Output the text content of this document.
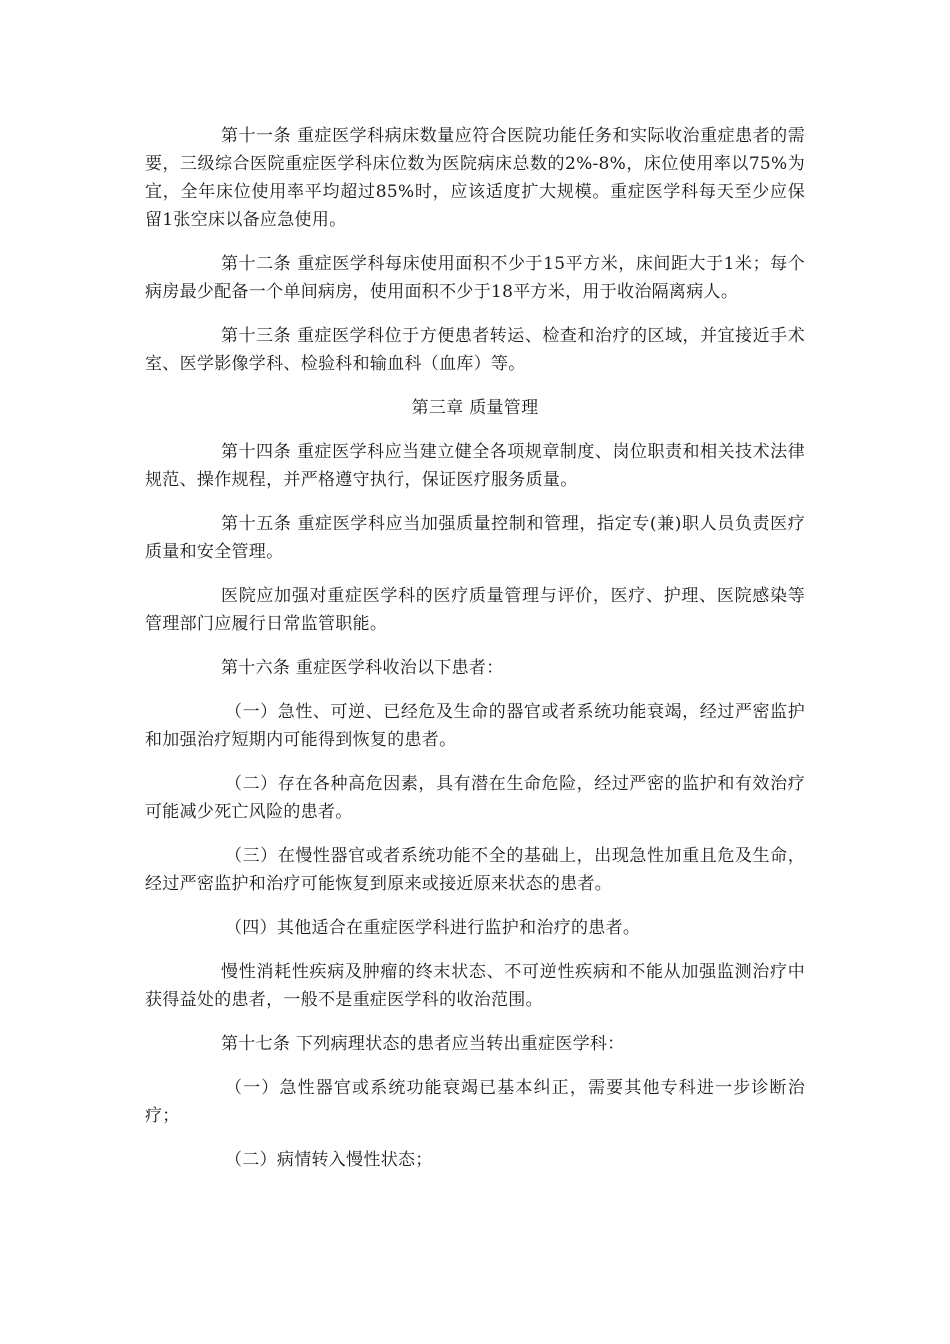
第十一条 重症医学科病床数量应符合医院功能任务和实际收治重症患者的需要，三级综合医院重症医学科床位数为医院病床总数的2%-8%，床位使用率以75%为宜，全年床位使用率平均超过85%时，应该适度扩大规模。重症医学科每天至少应保留1张空床以备应急使用。

第十二条 重症医学科每床使用面积不少于15平方米，床间距大于1米；每个病房最少配备一个单间病房，使用面积不少于18平方米，用于收治隔离病人。

第十三条 重症医学科位于方便患者转运、检查和治疗的区域，并宜接近手术室、医学影像学科、检验科和输血科（血库）等。

第三章 质量管理

第十四条 重症医学科应当建立健全各项规章制度、岗位职责和相关技术法律规范、操作规程，并严格遵守执行，保证医疗服务质量。

第十五条 重症医学科应当加强质量控制和管理，指定专(兼)职人员负责医疗质量和安全管理。

医院应加强对重症医学科的医疗质量管理与评价，医疗、护理、医院感染等管理部门应履行日常监管职能。

第十六条 重症医学科收治以下患者：

（一）急性、可逆、已经危及生命的器官或者系统功能衰竭，经过严密监护和加强治疗短期内可能得到恢复的患者。

（二）存在各种高危因素，具有潜在生命危险，经过严密的监护和有效治疗可能减少死亡风险的患者。

（三）在慢性器官或者系统功能不全的基础上，出现急性加重且危及生命，经过严密监护和治疗可能恢复到原来或接近原来状态的患者。

（四）其他适合在重症医学科进行监护和治疗的患者。

慢性消耗性疾病及肿瘤的终末状态、不可逆性疾病和不能从加强监测治疗中获得益处的患者，一般不是重症医学科的收治范围。

第十七条 下列病理状态的患者应当转出重症医学科：

（一）急性器官或系统功能衰竭已基本纠正，需要其他专科进一步诊断治疗；

（二）病情转入慢性状态；
